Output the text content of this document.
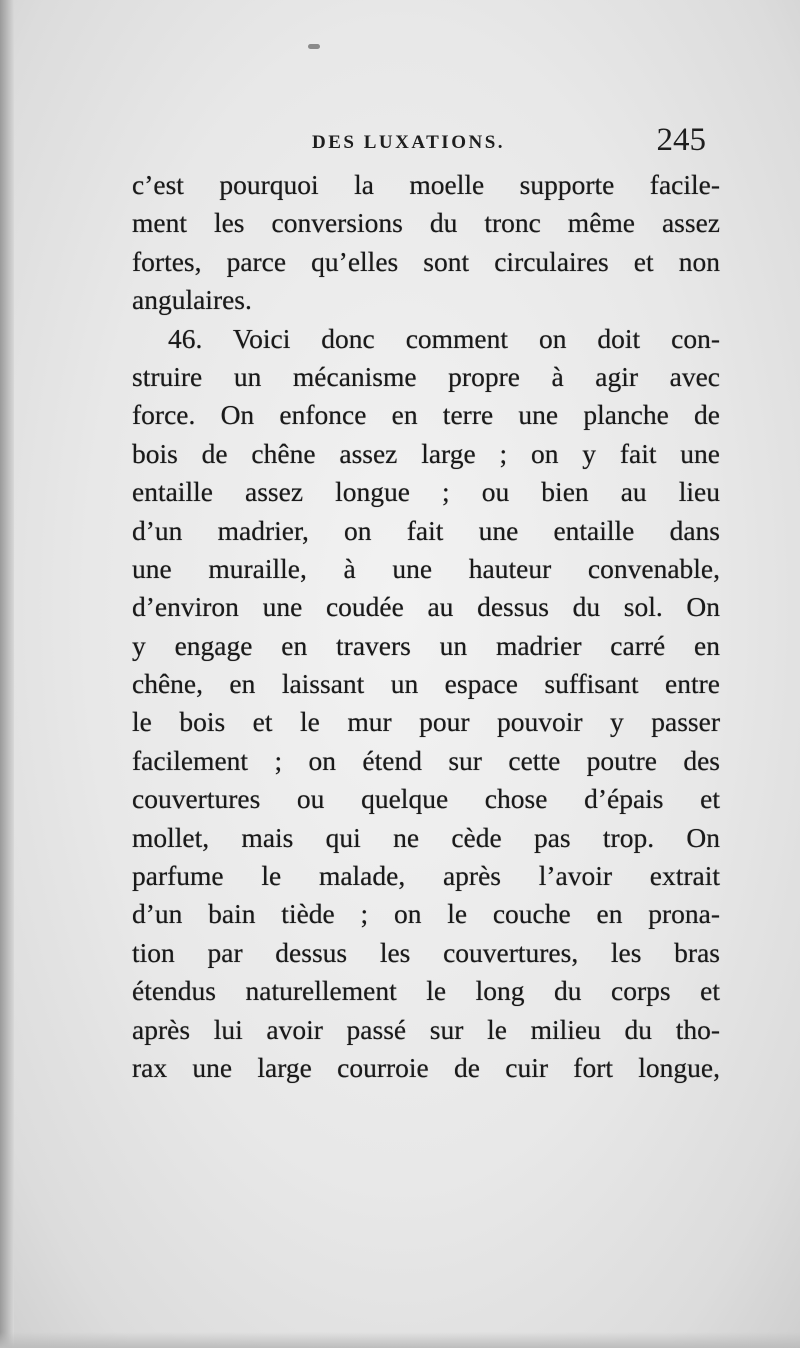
DES LUXATIONS.	245
c’est pourquoi la moelle supporte facile-
ment les conversions du tronc même assez
fortes, parce qu’elles sont circulaires et non
angulaires.
46. Voici donc comment on doit con-
struire un mécanisme propre à agir avec
force. On enfonce en terre une planche de
bois de chêne assez large ; on y fait une
entaille assez longue ; ou bien au lieu
d’un madrier, on fait une entaille dans
une muraille, à une hauteur convenable,
d’environ une coudée au dessus du sol. On
y engage en travers un madrier carré en
chêne, en laissant un espace suffisant entre
le bois et le mur pour pouvoir y passer
facilement ; on étend sur cette poutre des
couvertures ou quelque chose d’épais et
mollet, mais qui ne cède pas trop. On
parfume le malade, après l’avoir extrait
d’un bain tiède ; on le couche en prona-
tion par dessus les couvertures, les bras
étendus naturellement le long du corps et
après lui avoir passé sur le milieu du tho-
rax une large courroie de cuir fort longue,
